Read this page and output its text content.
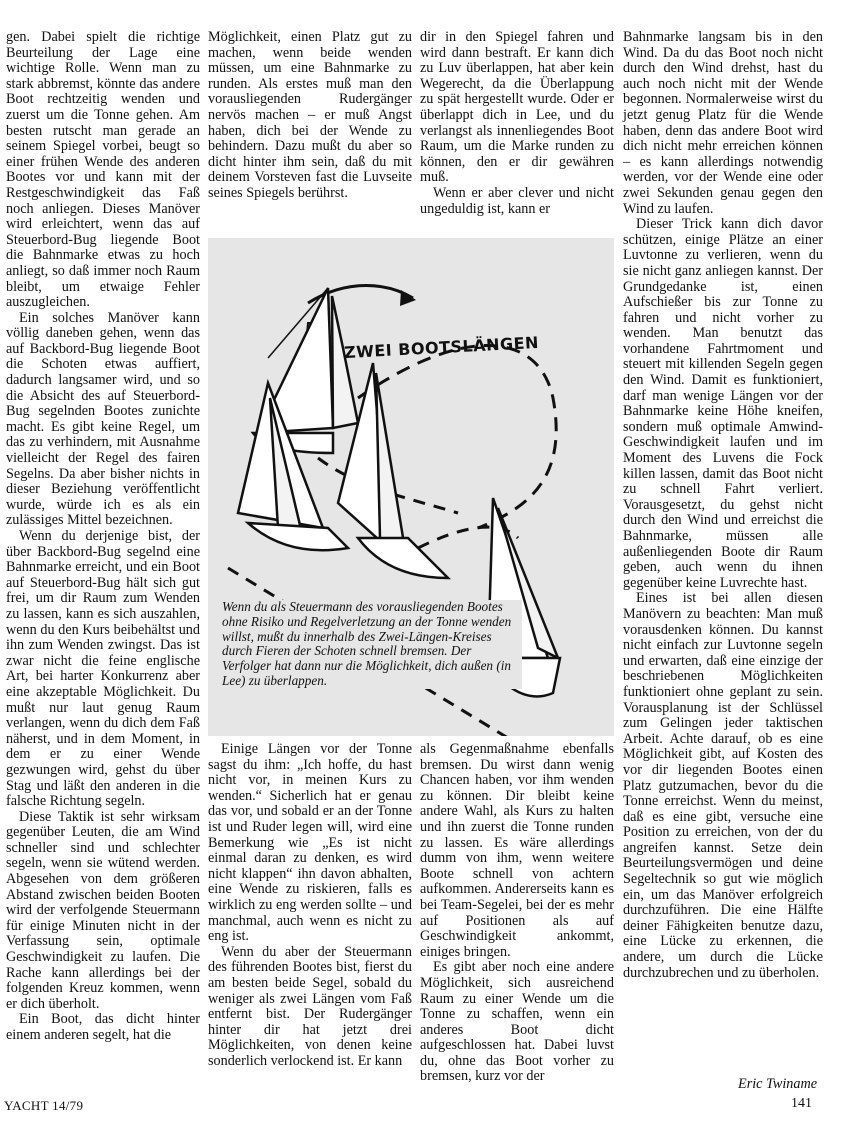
gen. Dabei spielt die richtige Beurteilung der Lage eine wichtige Rolle. Wenn man zu stark abbremst, könnte das andere Boot rechtzeitig wenden und zuerst um die Tonne gehen. Am besten rutscht man gerade an seinem Spiegel vorbei, beugt so einer frühen Wende des anderen Bootes vor und kann mit der Restgeschwindigkeit das Faß noch anliegen. Dieses Manöver wird erleichtert, wenn das auf Steuerbord-Bug liegende Boot die Bahnmarke etwas zu hoch anliegt, so daß immer noch Raum bleibt, um etwaige Fehler auszugleichen.

Ein solches Manöver kann völlig daneben gehen, wenn das auf Backbord-Bug liegende Boot die Schoten etwas auffiert, dadurch langsamer wird, und so die Absicht des auf Steuerbord-Bug segelnden Bootes zunichte macht. Es gibt keine Regel, um das zu verhindern, mit Ausnahme vielleicht der Regel des fairen Segelns. Da aber bisher nichts in dieser Beziehung veröffentlicht wurde, würde ich es als ein zulässiges Mittel bezeichnen.

Wenn du derjenige bist, der über Backbord-Bug segelnd eine Bahnmarke erreicht, und ein Boot auf Steuerbord-Bug hält sich gut frei, um dir Raum zum Wenden zu lassen, kann es sich auszahlen, wenn du den Kurs beibehältst und ihn zum Wenden zwingst. Das ist zwar nicht die feine englische Art, bei harter Konkurrenz aber eine akzeptable Möglichkeit. Du mußt nur laut genug Raum verlangen, wenn du dich dem Faß näherst, und in dem Moment, in dem er zu einer Wende gezwungen wird, gehst du über Stag und läßt den anderen in die falsche Richtung segeln.

Diese Taktik ist sehr wirksam gegenüber Leuten, die am Wind schneller sind und schlechter segeln, wenn sie wütend werden. Abgesehen von dem größeren Abstand zwischen beiden Booten wird der verfolgende Steuermann für einige Minuten nicht in der Verfassung sein, optimale Geschwindigkeit zu laufen. Die Rache kann allerdings bei der folgenden Kreuz kommen, wenn er dich überholt.

Ein Boot, das dicht hinter einem anderen segelt, hat die

Möglichkeit, einen Platz gut zu machen, wenn beide wenden müssen, um eine Bahnmarke zu runden. Als erstes muß man den vorausliegenden Rudergänger nervös machen – er muß Angst haben, dich bei der Wende zu behindern. Dazu mußt du aber so dicht hinter ihm sein, daß du mit deinem Vorsteven fast die Luvseite seines Spiegels berührst.

dir in den Spiegel fahren und wird dann bestraft. Er kann dich zu Luv überlappen, hat aber kein Wegerecht, da die Überlappung zu spät hergestellt wurde. Oder er überlappt dich in Lee, und du verlangst als innenliegendes Boot Raum, um die Marke runden zu können, den er dir gewähren muß.

Wenn er aber clever und nicht ungeduldig ist, kann er

Bahnmarke langsam bis in den Wind. Da du das Boot noch nicht durch den Wind drehst, hast du auch noch nicht mit der Wende begonnen. Normalerweise wirst du jetzt genug Platz für die Wende haben, denn das andere Boot wird dich nicht mehr erreichen können – es kann allerdings notwendig werden, vor der Wende eine oder zwei Sekunden genau gegen den Wind zu laufen.

Dieser Trick kann dich davor schützen, einige Plätze an einer Luvtonne zu verlieren, wenn du sie nicht ganz anliegen kannst. Der Grundgedanke ist, einen Aufschießer bis zur Tonne zu fahren und nicht vorher zu wenden. Man benutzt das vorhandene Fahrtmoment und steuert mit killenden Segeln gegen den Wind. Damit es funktioniert, darf man wenige Längen vor der Bahnmarke keine Höhe kneifen, sondern muß optimale Amwind-Geschwindigkeit laufen und im Moment des Luvens die Fock killen lassen, damit das Boot nicht zu schnell Fahrt verliert. Vorausgesetzt, du gehst nicht durch den Wind und erreichst die Bahnmarke, müssen alle außenliegenden Boote dir Raum geben, auch wenn du ihnen gegenüber keine Luvrechte hast.

Eines ist bei allen diesen Manövern zu beachten: Man muß vorausdenken können. Du kannst nicht einfach zur Luvtonne segeln und erwarten, daß eine einzige der beschriebenen Möglichkeiten funktioniert ohne geplant zu sein. Vorausplanung ist der Schlüssel zum Gelingen jeder taktischen Arbeit. Achte darauf, ob es eine Möglichkeit gibt, auf Kosten des vor dir liegenden Bootes einen Platz gutzumachen, bevor du die Tonne erreichst. Wenn du meinst, daß es eine gibt, versuche eine Position zu erreichen, von der du angreifen kannst. Setze dein Beurteilungsvermögen und deine Segeltechnik so gut wie möglich ein, um das Manöver erfolgreich durchzuführen. Die eine Hälfte deiner Fähigkeiten benutze dazu, eine Lücke zu erkennen, die andere, um durch die Lücke durchzubrechen und zu überholen.

ZWEI BOOTSLÄNGEN
Wenn du als Steuermann des vorausliegenden Bootes ohne Risiko und Regelverletzung an der Tonne wenden willst, mußt du innerhalb des Zwei-Längen-Kreises durch Fieren der Schoten schnell bremsen. Der Verfolger hat dann nur die Möglichkeit, dich außen (in Lee) zu überlappen.

Einige Längen vor der Tonne sagst du ihm: „Ich hoffe, du hast nicht vor, in meinen Kurs zu wenden.“ Sicherlich hat er genau das vor, und sobald er an der Tonne ist und Ruder legen will, wird eine Bemerkung wie „Es ist nicht einmal daran zu denken, es wird nicht klappen“ ihn davon abhalten, eine Wende zu riskieren, falls es wirklich zu eng werden sollte – und manchmal, auch wenn es nicht zu eng ist.

Wenn du aber der Steuermann des führenden Bootes bist, fierst du am besten beide Segel, sobald du weniger als zwei Längen vom Faß entfernt bist. Der Rudergänger hinter dir hat jetzt drei Möglichkeiten, von denen keine sonderlich verlockend ist. Er kann

als Gegenmaßnahme ebenfalls bremsen. Du wirst dann wenig Chancen haben, vor ihm wenden zu können. Dir bleibt keine andere Wahl, als Kurs zu halten und ihn zuerst die Tonne runden zu lassen. Es wäre allerdings dumm von ihm, wenn weitere Boote schnell von achtern aufkommen. Andererseits kann es bei Team-Segelei, bei der es mehr auf Positionen als auf Geschwindigkeit ankommt, einiges bringen.

Es gibt aber noch eine andere Möglichkeit, sich ausreichend Raum zu einer Wende um die Tonne zu schaffen, wenn ein anderes Boot dicht aufgeschlossen hat. Dabei luvst du, ohne das Boot vorher zu bremsen, kurz vor der	Eric Twiname
YACHT 14/79	141
